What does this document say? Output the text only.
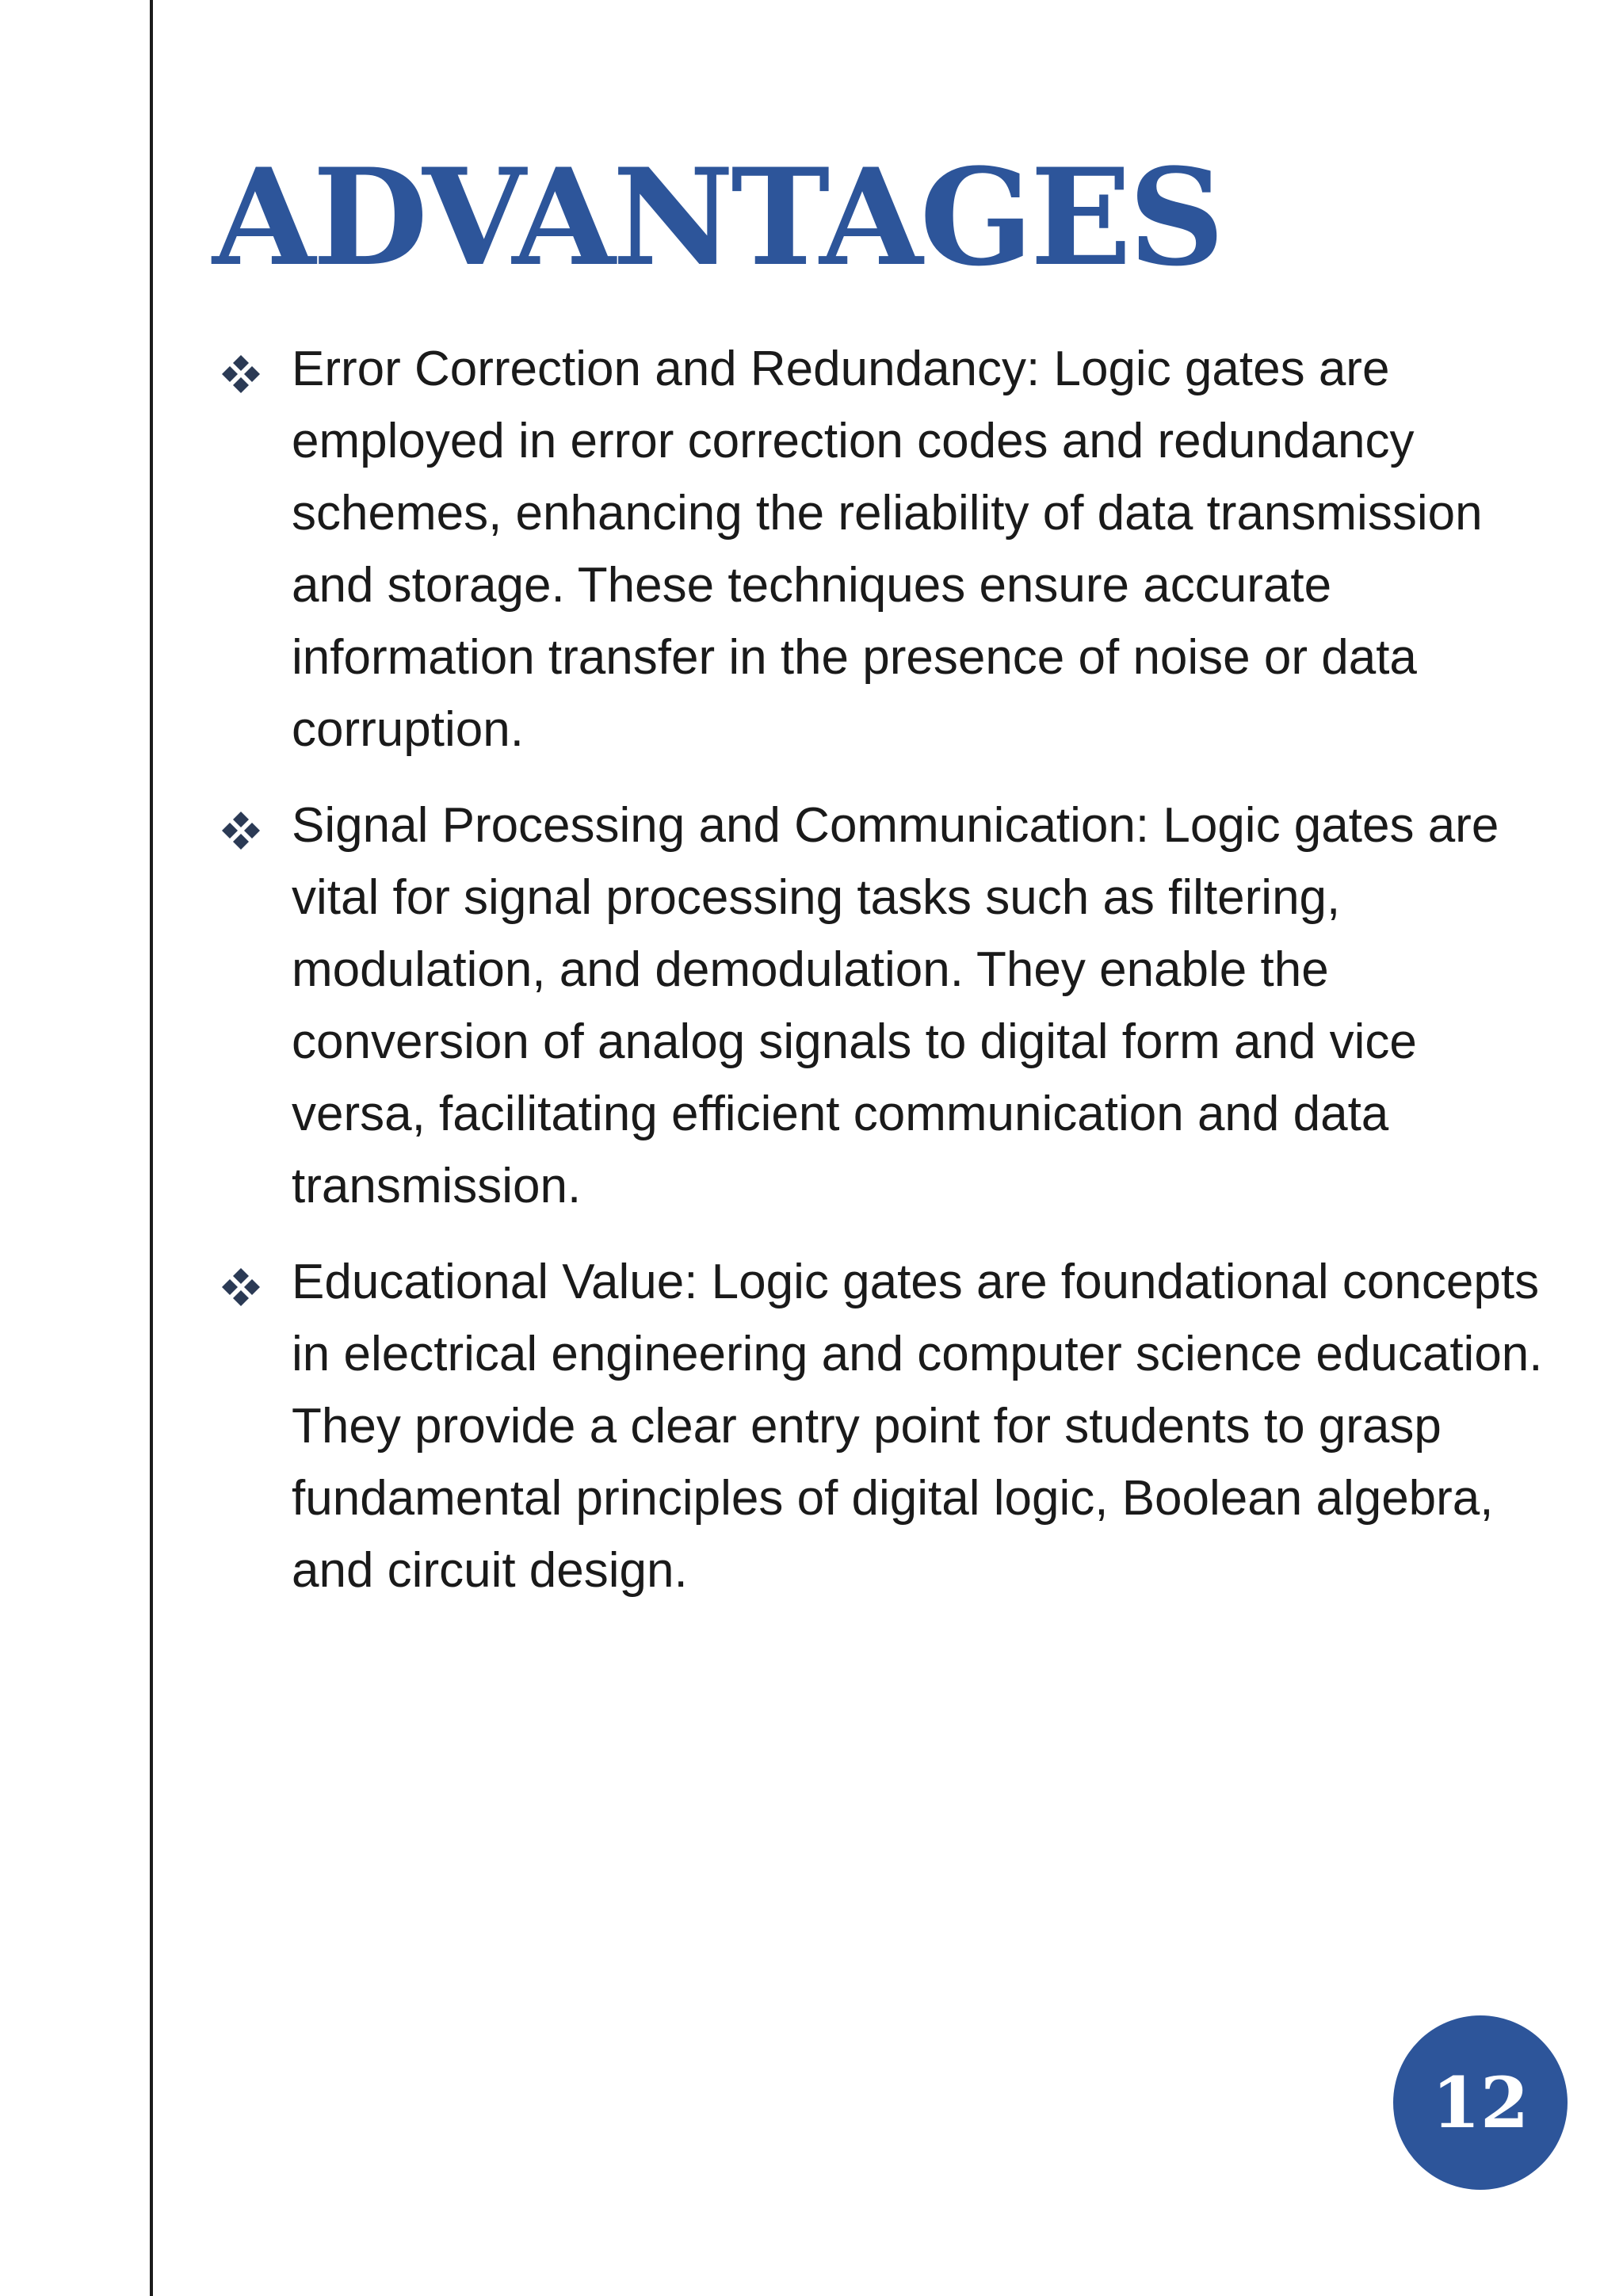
ADVANTAGES
Error Correction and Redundancy: Logic gates are employed in error correction codes and redundancy schemes, enhancing the reliability of data transmission and storage. These techniques ensure accurate information transfer in the presence of noise or data corruption.
Signal Processing and Communication: Logic gates are vital for signal processing tasks such as filtering, modulation, and demodulation. They enable the conversion of analog signals to digital form and vice versa, facilitating efficient communication and data transmission.
Educational Value: Logic gates are foundational concepts in electrical engineering and computer science education. They provide a clear entry point for students to grasp fundamental principles of digital logic, Boolean algebra, and circuit design.
12
